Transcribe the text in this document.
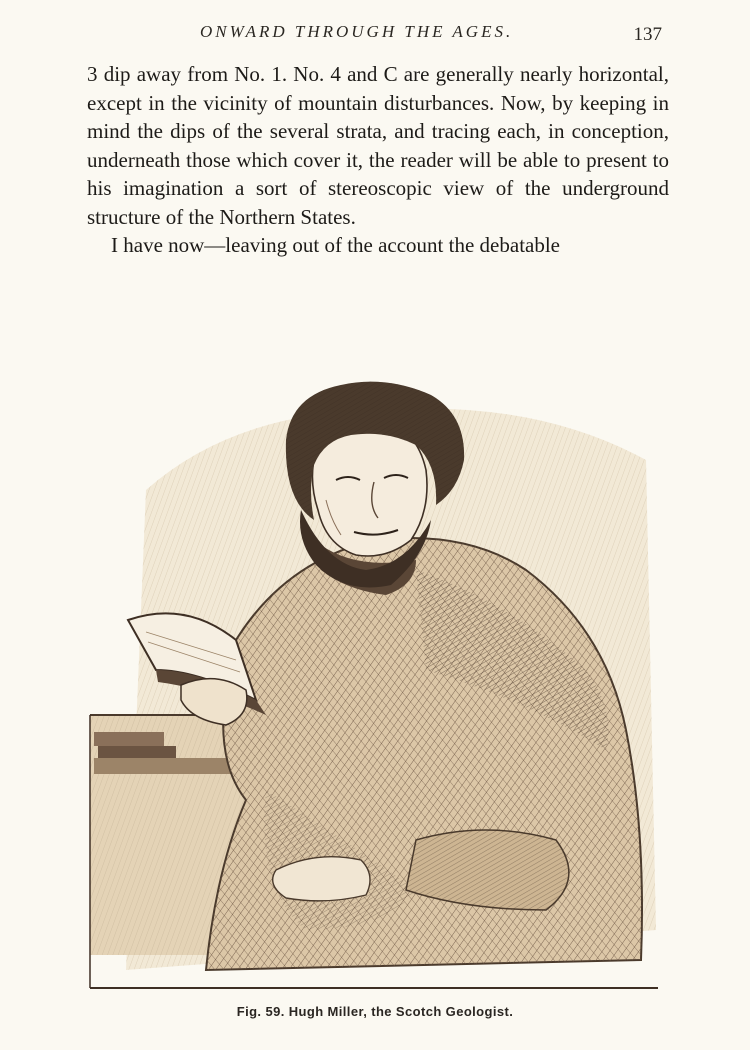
ONWARD THROUGH THE AGES.	137

3 dip away from No. 1. No. 4 and C are generally nearly horizontal, except in the vicinity of mountain disturbances. Now, by keeping in mind the dips of the several strata, and tracing each, in conception, underneath those which cover it, the reader will be able to present to his imagination a sort of stereoscopic view of the underground structure of the Northern States.

I have now—leaving out of the account the debatable

Fig. 59. Hugh Miller, the Scotch Geologist.
